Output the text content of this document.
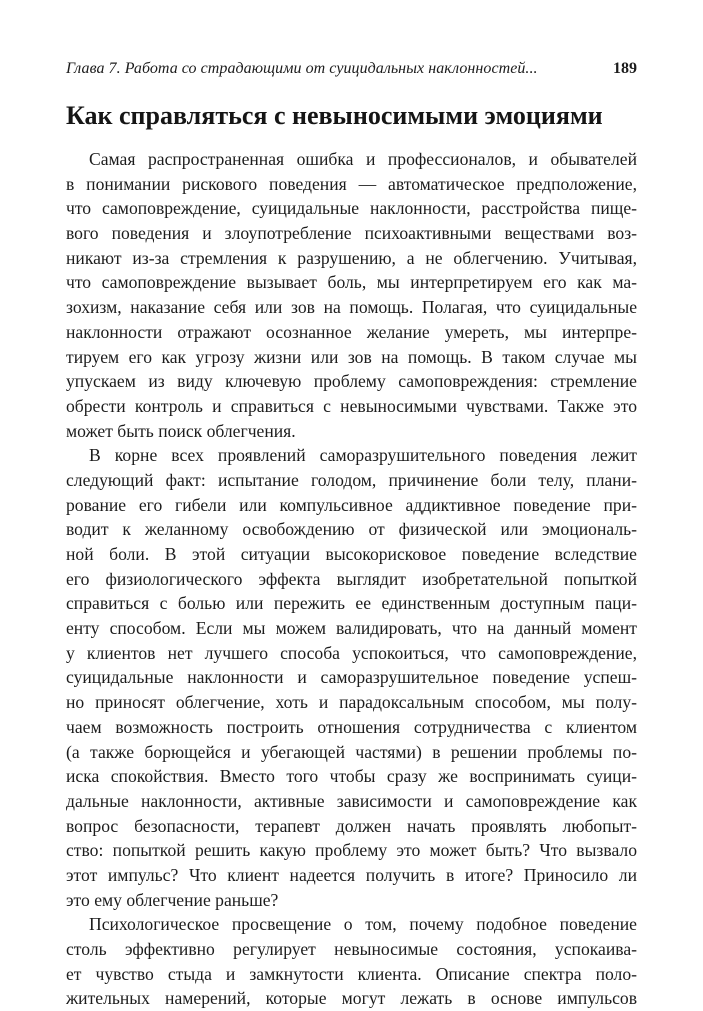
Глава 7. Работа со страдающими от суицидальных наклонностей...	189
Как справляться с невыносимыми эмоциями
Самая распространенная ошибка и профессионалов, и обывателей
в понимании рискового поведения — автоматическое предположение,
что самоповреждение, суицидальные наклонности, расстройства пище-
вого поведения и злоупотребление психоактивными веществами воз-
никают из-за стремления к разрушению, а не облегчению. Учитывая,
что самоповреждение вызывает боль, мы интерпретируем его как ма-
зохизм, наказание себя или зов на помощь. Полагая, что суицидальные
наклонности отражают осознанное желание умереть, мы интерпре-
тируем его как угрозу жизни или зов на помощь. В таком случае мы
упускаем из виду ключевую проблему самоповреждения: стремление
обрести контроль и справиться с невыносимыми чувствами. Также это
может быть поиск облегчения.
В корне всех проявлений саморазрушительного поведения лежит
следующий факт: испытание голодом, причинение боли телу, плани-
рование его гибели или компульсивное аддиктивное поведение при-
водит к желанному освобождению от физической или эмоциональ-
ной боли. В этой ситуации высокорисковое поведение вследствие
его физиологического эффекта выглядит изобретательной попыткой
справиться с болью или пережить ее единственным доступным паци-
енту способом. Если мы можем валидировать, что на данный момент
у клиентов нет лучшего способа успокоиться, что самоповреждение,
суицидальные наклонности и саморазрушительное поведение успеш-
но приносят облегчение, хоть и парадоксальным способом, мы полу-
чаем возможность построить отношения сотрудничества с клиентом
(а также борющейся и убегающей частями) в решении проблемы по-
иска спокойствия. Вместо того чтобы сразу же воспринимать суици-
дальные наклонности, активные зависимости и самоповреждение как
вопрос безопасности, терапевт должен начать проявлять любопыт-
ство: попыткой решить какую проблему это может быть? Что вызвало
этот импульс? Что клиент надеется получить в итоге? Приносило ли
это ему облегчение раньше?
Психологическое просвещение о том, почему подобное поведение
столь эффективно регулирует невыносимые состояния, успокаива-
ет чувство стыда и замкнутости клиента. Описание спектра поло-
жительных намерений, которые могут лежать в основе импульсов
